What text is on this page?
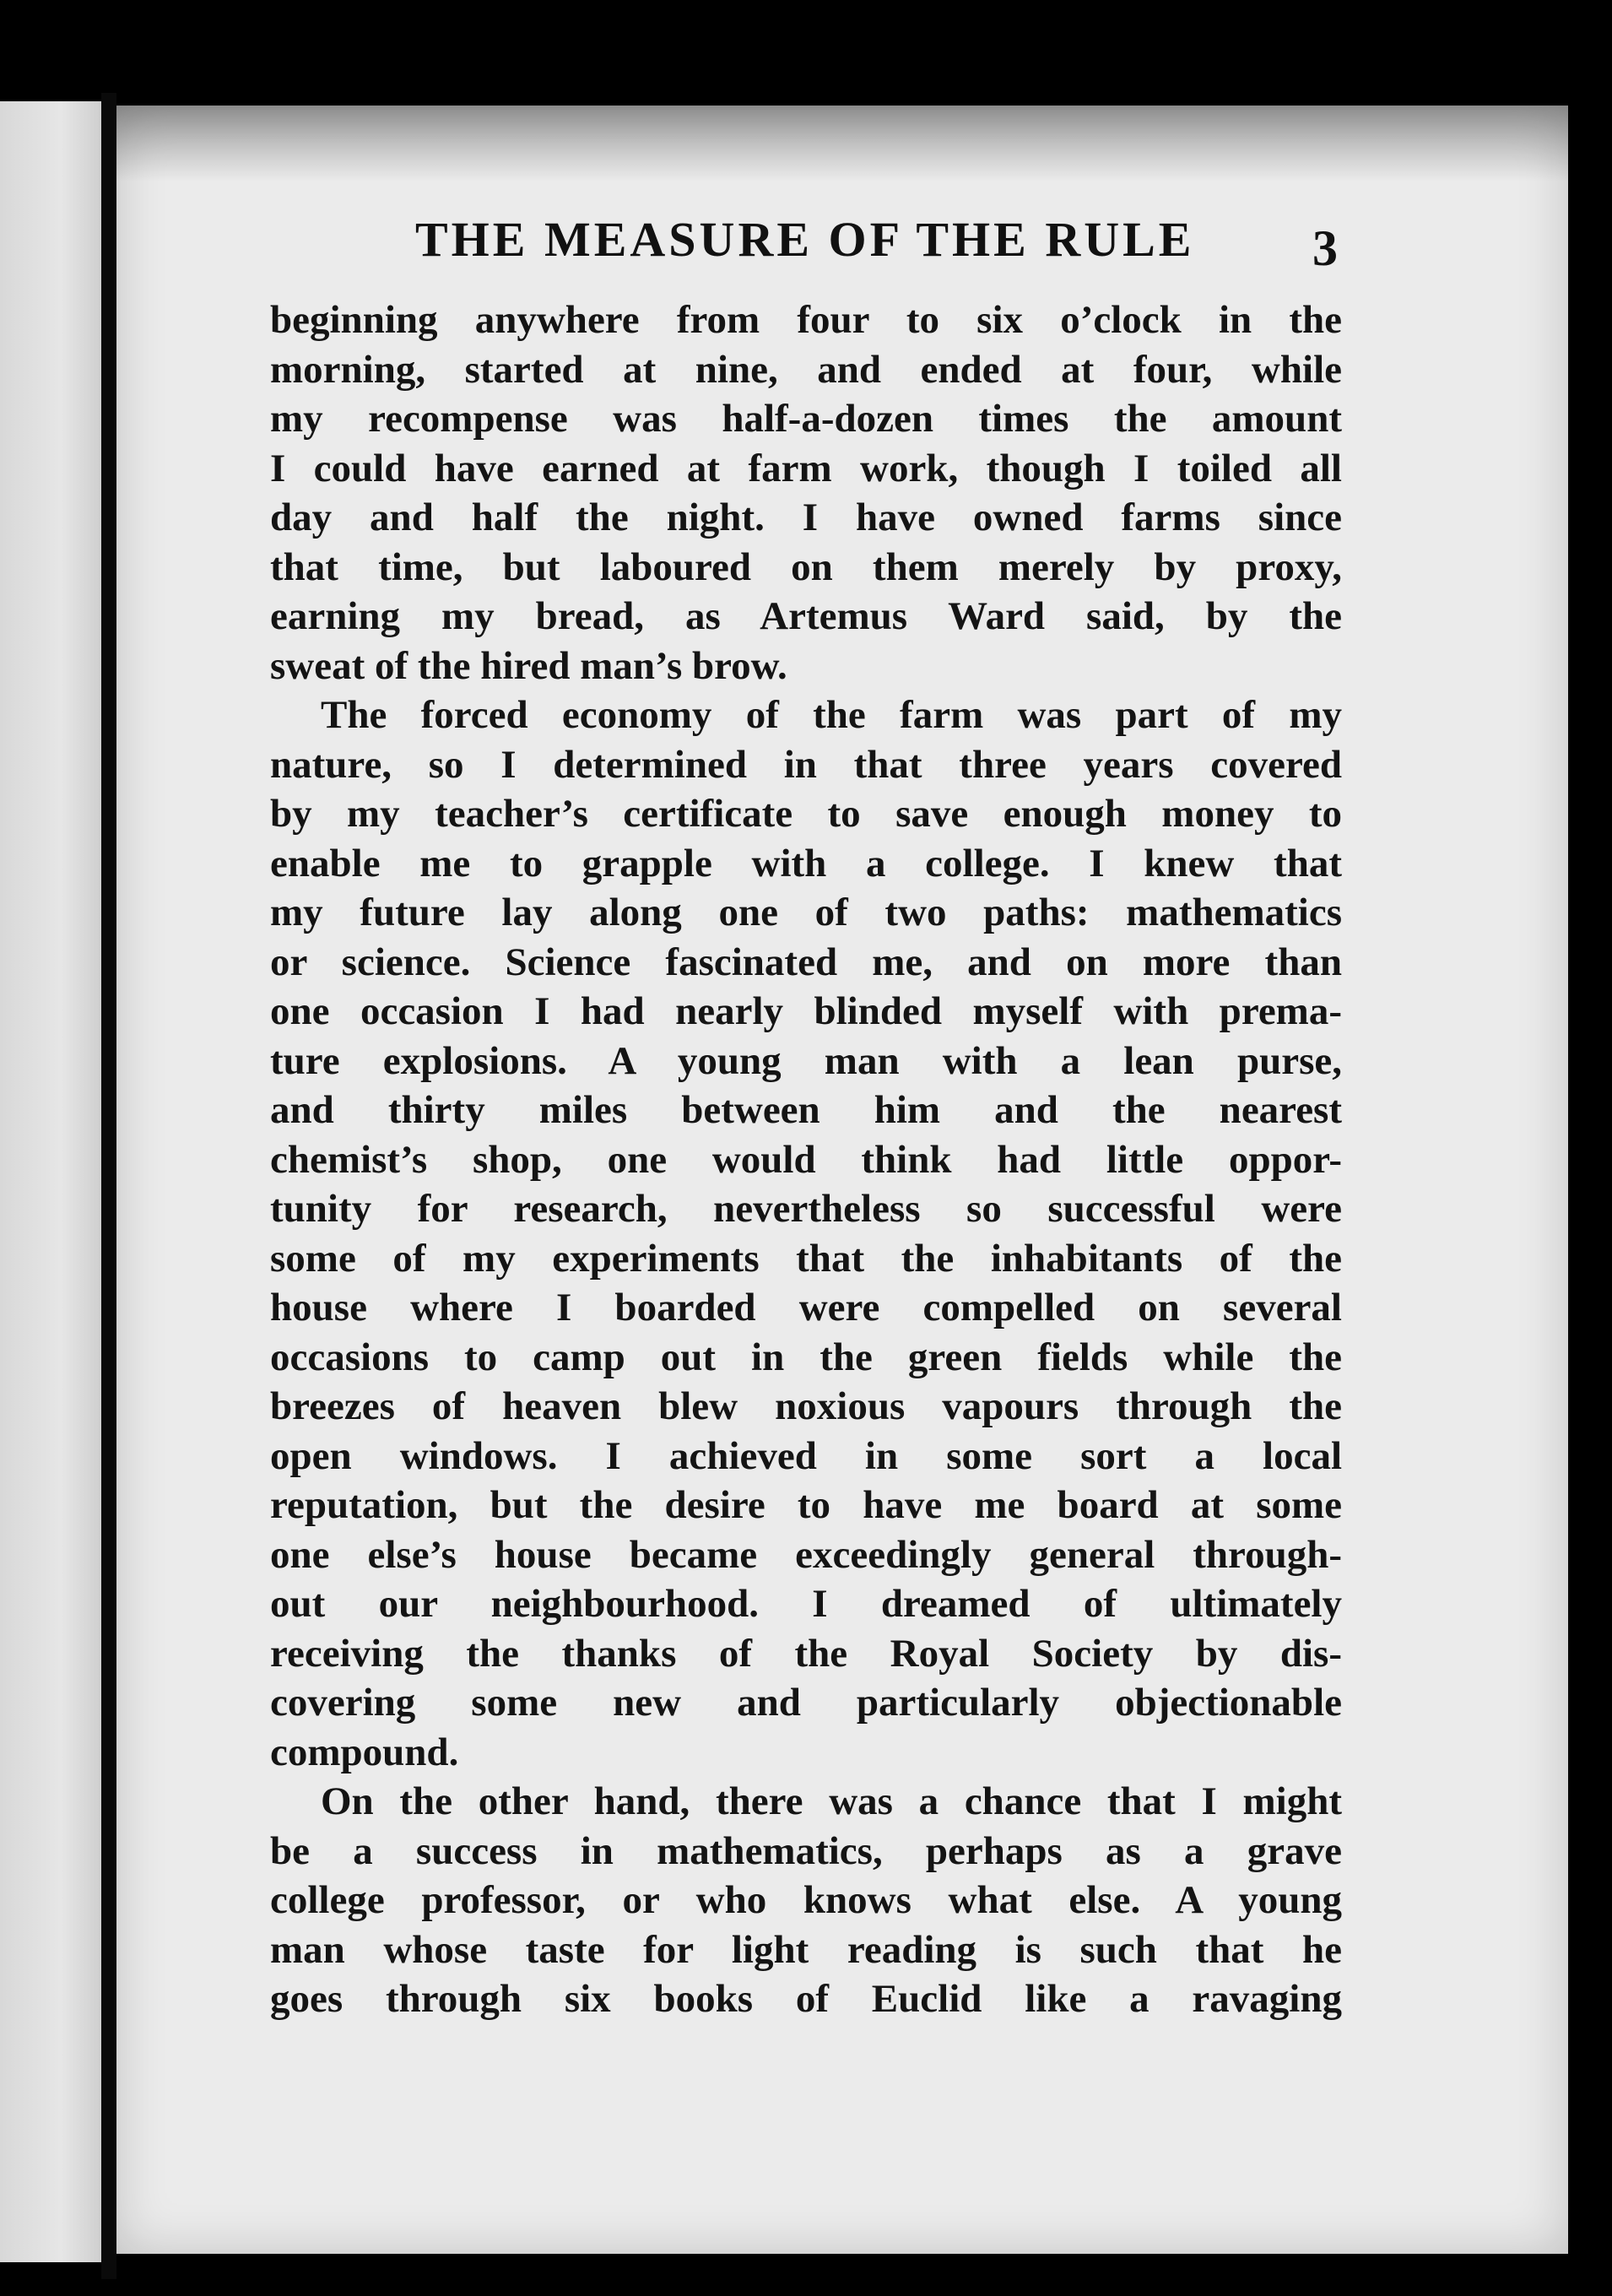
THE MEASURE OF THE RULE 3
beginning anywhere from four to six o’clock in the
morning, started at nine, and ended at four, while
my recompense was half-a-dozen times the amount
I could have earned at farm work, though I toiled all
day and half the night. I have owned farms since
that time, but laboured on them merely by proxy,
earning my bread, as Artemus Ward said, by the
sweat of the hired man’s brow.
The forced economy of the farm was part of my
nature, so I determined in that three years covered
by my teacher’s certificate to save enough money to
enable me to grapple with a college. I knew that
my future lay along one of two paths: mathematics
or science. Science fascinated me, and on more than
one occasion I had nearly blinded myself with prema-
ture explosions. A young man with a lean purse,
and thirty miles between him and the nearest
chemist’s shop, one would think had little oppor-
tunity for research, nevertheless so successful were
some of my experiments that the inhabitants of the
house where I boarded were compelled on several
occasions to camp out in the green fields while the
breezes of heaven blew noxious vapours through the
open windows. I achieved in some sort a local
reputation, but the desire to have me board at some
one else’s house became exceedingly general through-
out our neighbourhood. I dreamed of ultimately
receiving the thanks of the Royal Society by dis-
covering some new and particularly objectionable
compound.
On the other hand, there was a chance that I might
be a success in mathematics, perhaps as a grave
college professor, or who knows what else. A young
man whose taste for light reading is such that he
goes through six books of Euclid like a ravaging
